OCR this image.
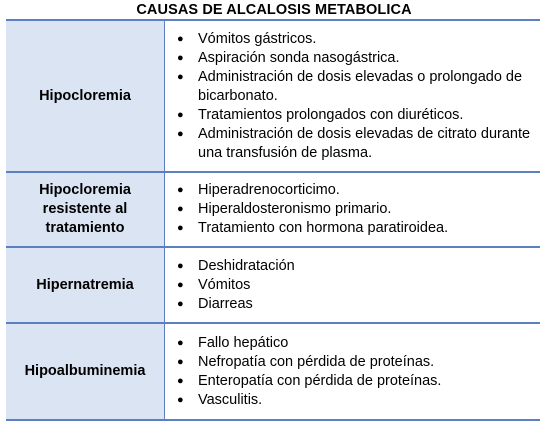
CAUSAS DE ALCALOSIS METABOLICA
Hipocloremia
● Vómitos gástricos.
● Aspiración sonda nasogástrica.
● Administración de dosis elevadas o prolongado de bicarbonato.
● Tratamientos prolongados con diuréticos.
● Administración de dosis elevadas de citrato durante una transfusión de plasma.
Hipocloremia resistente al tratamiento
● Hiperadrenocorticimo.
● Hiperaldosteronismo primario.
● Tratamiento con hormona paratiroidea.
Hipernatremia
● Deshidratación
● Vómitos
● Diarreas
Hipoalbuminemia
● Fallo hepático
● Nefropatía con pérdida de proteínas.
● Enteropatía con pérdida de proteínas.
● Vasculitis.
